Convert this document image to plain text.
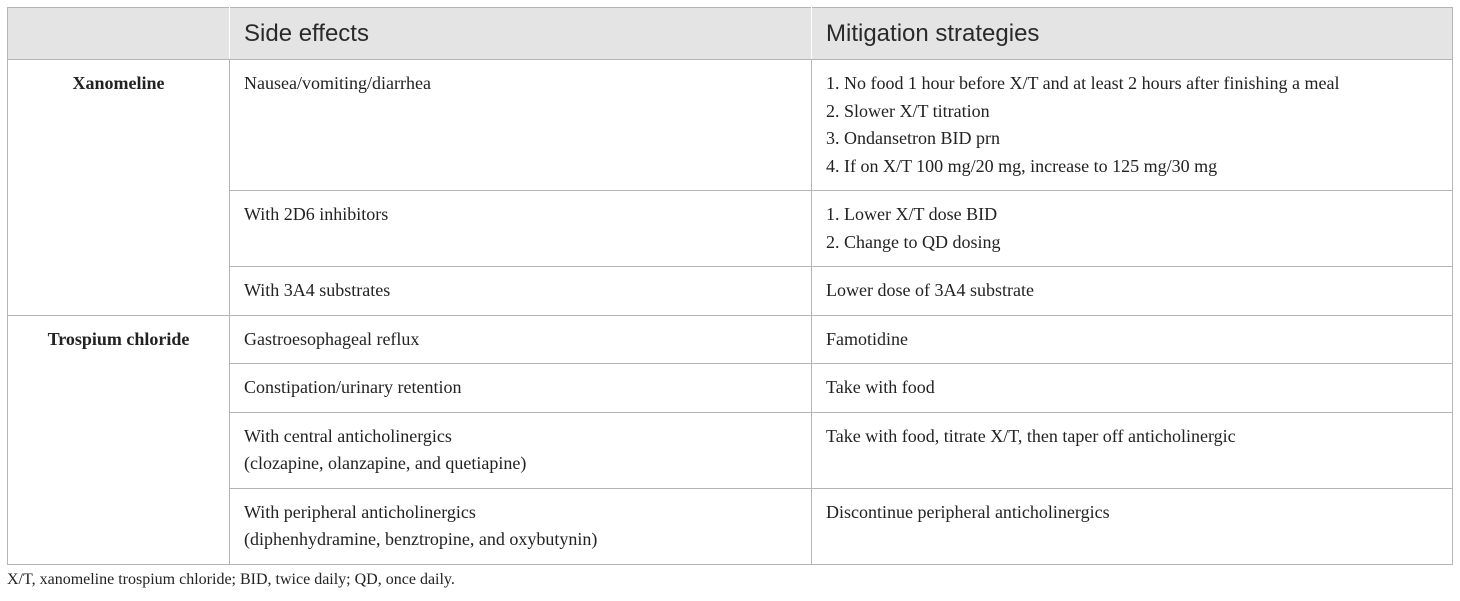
	Side effects	Mitigation strategies
Xanomeline	Nausea/vomiting/diarrhea	1. No food 1 hour before X/T and at least 2 hours after finishing a meal
2. Slower X/T titration
3. Ondansetron BID prn
4. If on X/T 100 mg/20 mg, increase to 125 mg/30 mg

	With 2D6 inhibitors	1. Lower X/T dose BID
2. Change to QD dosing

	With 3A4 substrates	Lower dose of 3A4 substrate

Trospium chloride	Gastroesophageal reflux	Famotidine

	Constipation/urinary retention	Take with food

	With central anticholinergics
(clozapine, olanzapine, and quetiapine)	Take with food, titrate X/T, then taper off anticholinergic

	With peripheral anticholinergics
(diphenhydramine, benztropine, and oxybutynin)	Discontinue peripheral anticholinergics
X/T, xanomeline trospium chloride; BID, twice daily; QD, once daily.
